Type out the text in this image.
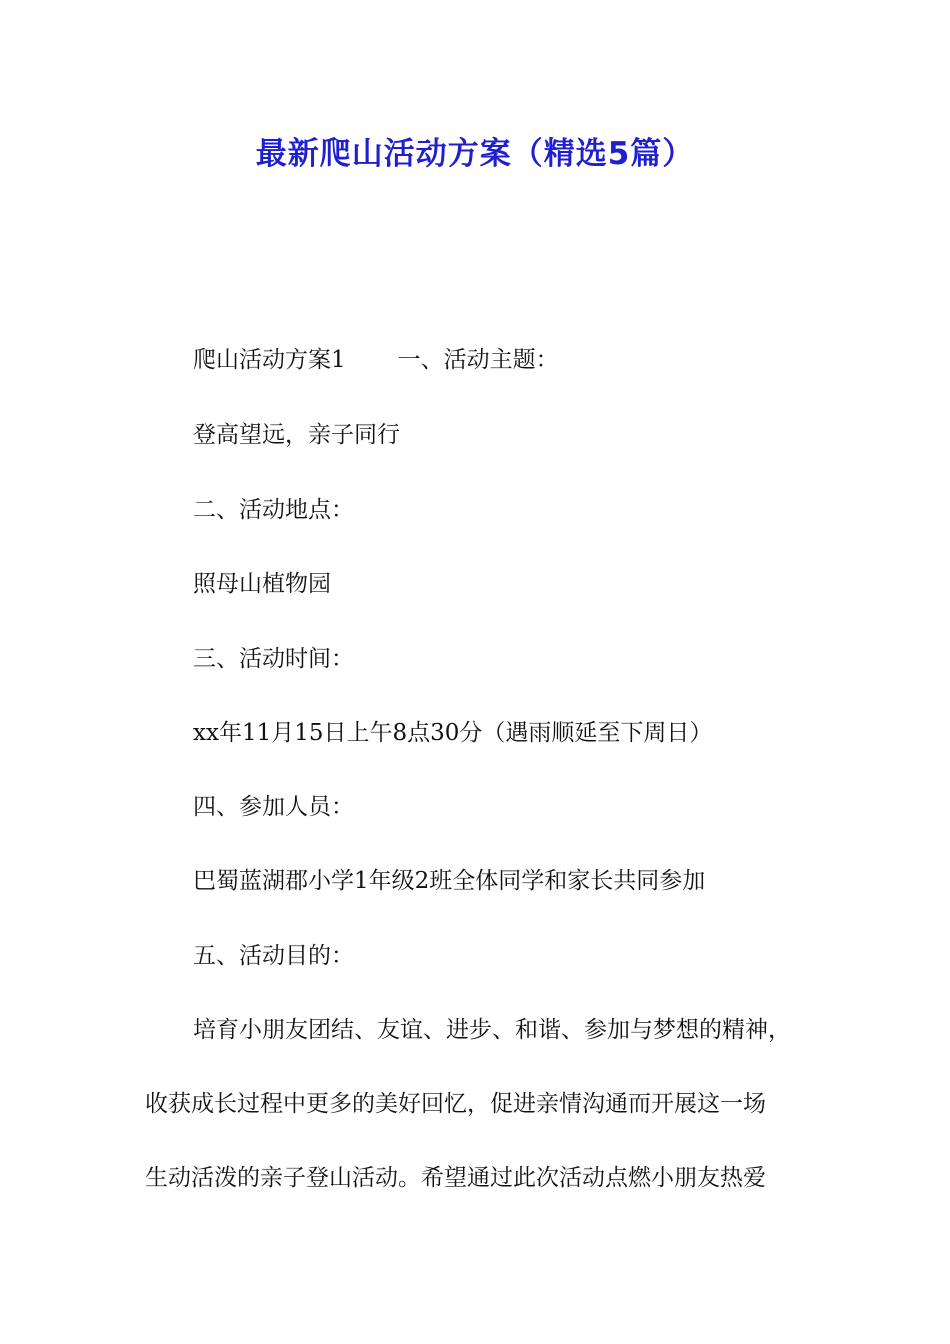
最新爬山活动方案（精选5篇）
爬山活动方案1 一、活动主题：
登高望远，亲子同行
二、活动地点：
照母山植物园
三、活动时间：
xx年11月15日上午8点30分（遇雨顺延至下周日）
四、参加人员：
巴蜀蓝湖郡小学1年级2班全体同学和家长共同参加
五、活动目的：
培育小朋友团结、友谊、进步、和谐、参加与梦想的精神，
收获成长过程中更多的美好回忆，促进亲情沟通而开展这一场
生动活泼的亲子登山活动。希望通过此次活动点燃小朋友热爱
